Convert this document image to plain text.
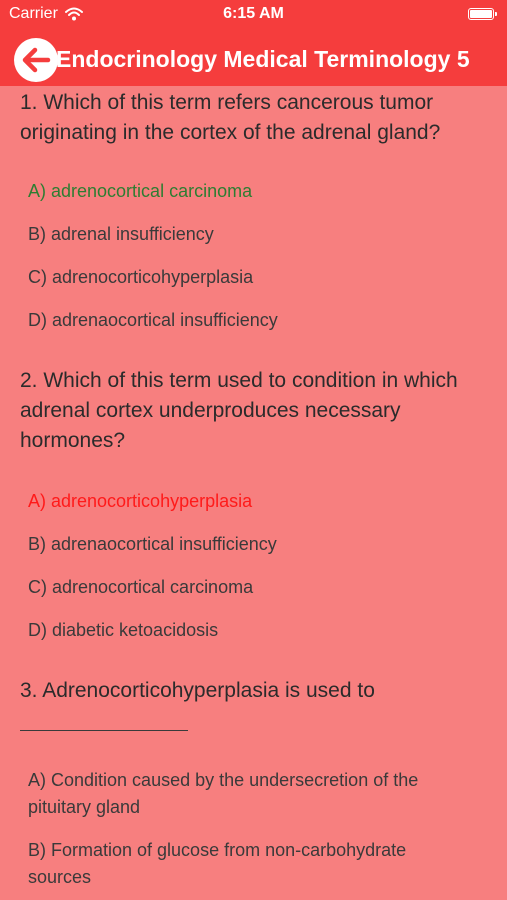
Carrier	6:15 AM
Endocrinology Medical Terminology 5
1. Which of this term refers cancerous tumor originating in the cortex of the adrenal gland?
A) adrenocortical carcinoma
B) adrenal insufficiency
C) adrenocorticohyperplasia
D) adrenaocortical insufficiency
2. Which of this term used to condition in which adrenal cortex underproduces necessary hormones?
A) adrenocorticohyperplasia
B) adrenaocortical insufficiency
C) adrenocortical carcinoma
D) diabetic ketoacidosis
3. Adrenocorticohyperplasia is used to
A) Condition caused by the undersecretion of the pituitary gland
B) Formation of glucose from non-carbohydrate sources
